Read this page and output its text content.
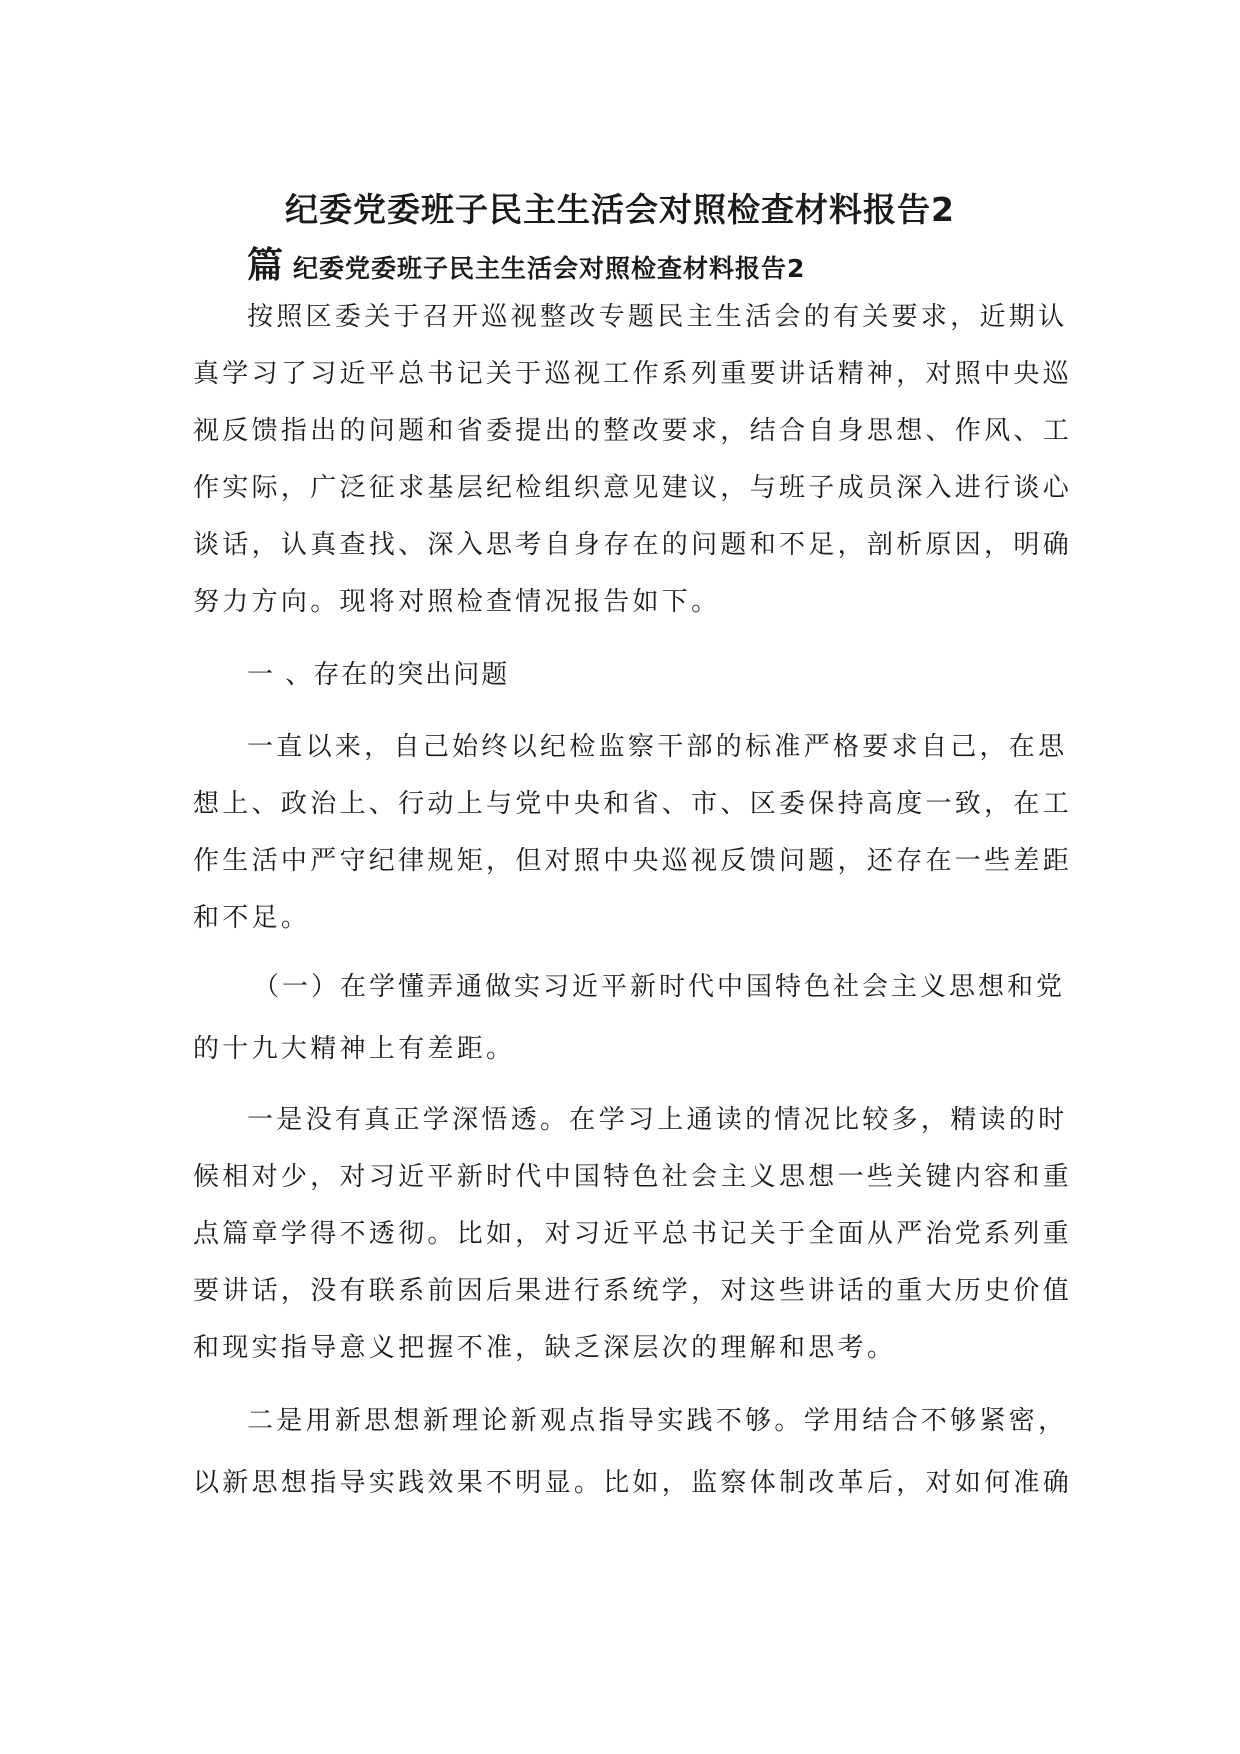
纪委党委班子民主生活会对照检查材料报告2
篇 纪委党委班子民主生活会对照检查材料报告2
按照区委关于召开巡视整改专题民主生活会的有关要求，近期认
真学习了习近平总书记关于巡视工作系列重要讲话精神，对照中央巡
视反馈指出的问题和省委提出的整改要求，结合自身思想、作风、工
作实际，广泛征求基层纪检组织意见建议，与班子成员深入进行谈心
谈话，认真查找、深入思考自身存在的问题和不足，剖析原因，明确
努力方向。现将对照检查情况报告如下。
一 、存在的突出问题
一直以来，自己始终以纪检监察干部的标准严格要求自己，在思
想上、政治上、行动上与党中央和省、市、区委保持高度一致，在工
作生活中严守纪律规矩，但对照中央巡视反馈问题，还存在一些差距
和不足。
（一）在学懂弄通做实习近平新时代中国特色社会主义思想和党
的十九大精神上有差距。
一是没有真正学深悟透。在学习上通读的情况比较多，精读的时
候相对少，对习近平新时代中国特色社会主义思想一些关键内容和重
点篇章学得不透彻。比如，对习近平总书记关于全面从严治党系列重
要讲话，没有联系前因后果进行系统学，对这些讲话的重大历史价值
和现实指导意义把握不准，缺乏深层次的理解和思考。
二是用新思想新理论新观点指导实践不够。学用结合不够紧密，
以新思想指导实践效果不明显。比如，监察体制改革后，对如何准确
